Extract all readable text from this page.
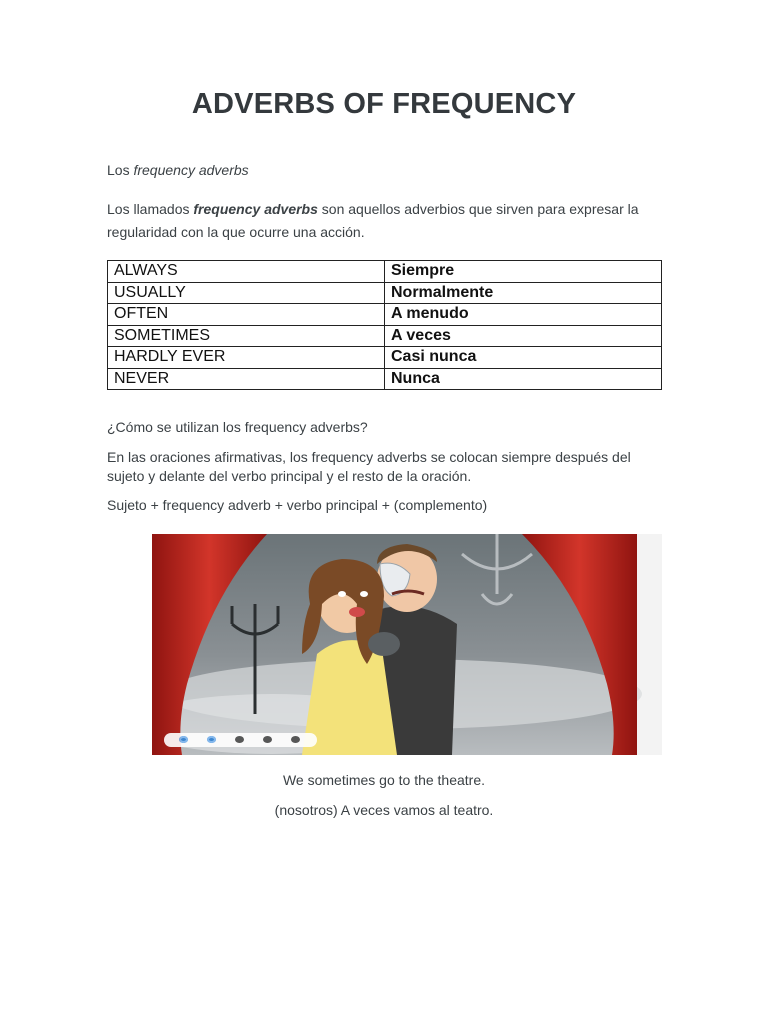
ADVERBS OF FREQUENCY
Los frequency adverbs
Los llamados frequency adverbs son aquellos adverbios que sirven para expresar la regularidad con la que ocurre una acción.
ALWAYS	Siempre
USUALLY	Normalmente
OFTEN	A menudo
SOMETIMES	A veces
HARDLY EVER	Casi nunca
NEVER	Nunca
¿Cómo se utilizan los frequency adverbs?
En las oraciones afirmativas, los frequency adverbs se colocan siempre después del sujeto y delante del verbo principal y el resto de la oración.
Sujeto + frequency adverb + verbo principal + (complemento)
We sometimes go to the theatre.
(nosotros) A veces vamos al teatro.
